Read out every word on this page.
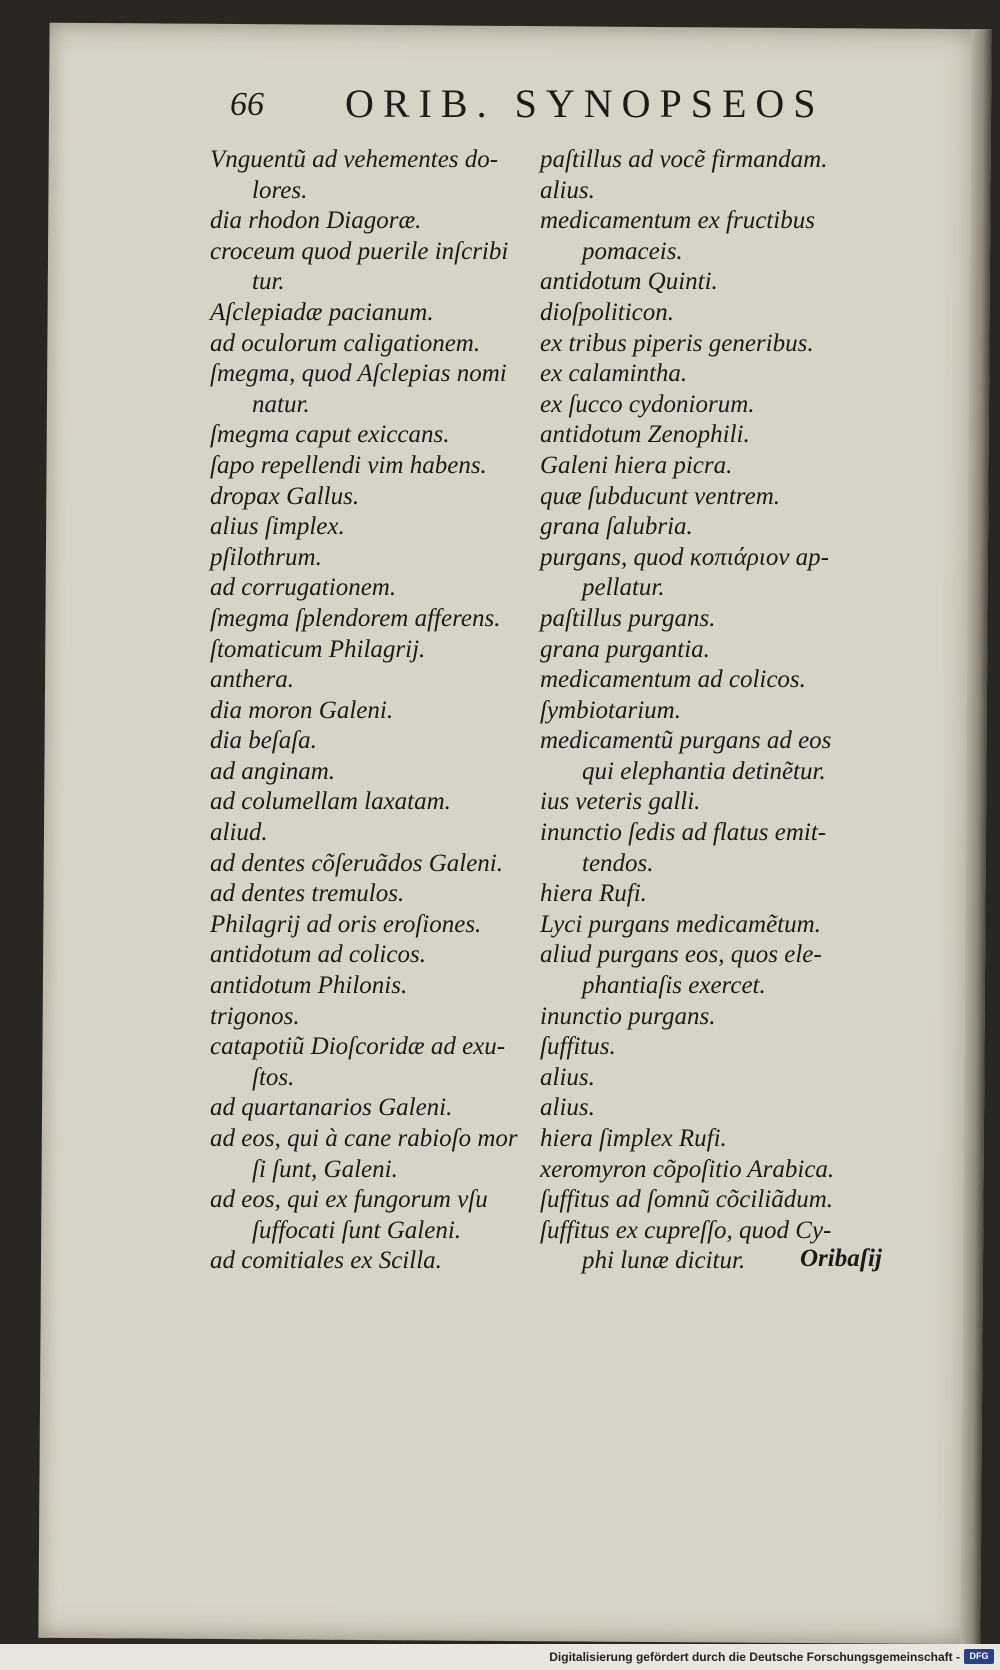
66 ORIB. SYNOPSEOS
Vnguentũ ad vehementes do-
lores.
dia rhodon Diagoræ.
croceum quod puerile inſcribi
tur.
Aſclepiadæ pacianum.
ad oculorum caligationem.
ſmegma, quod Aſclepias nomi
natur.
ſmegma caput exiccans.
ſapo repellendi vim habens.
dropax Gallus.
alius ſimplex.
pſilothrum.
ad corrugationem.
ſmegma ſplendorem afferens.
ſtomaticum Philagrij.
anthera.
dia moron Galeni.
dia beſaſa.
ad anginam.
ad columellam laxatam.
aliud.
ad dentes cõſeruãdos Galeni.
ad dentes tremulos.
Philagrij ad oris eroſiones.
antidotum ad colicos.
antidotum Philonis.
trigonos.
catapotiũ Dioſcoridæ ad exu-
ſtos.
ad quartanarios Galeni.
ad eos, qui à cane rabioſo mor
ſi ſunt, Galeni.
ad eos, qui ex fungorum vſu
ſuffocati ſunt Galeni.
ad comitiales ex Scilla.
paſtillus ad vocẽ firmandam.
alius.
medicamentum ex fructibus
pomaceis.
antidotum Quinti.
dioſpoliticon.
ex tribus piperis generibus.
ex calamintha.
ex ſucco cydoniorum.
antidotum Zenophili.
Galeni hiera picra.
quæ ſubducunt ventrem.
grana ſalubria.
purgans, quod κοπιάριον ap-
pellatur.
paſtillus purgans.
grana purgantia.
medicamentum ad colicos.
ſymbiotarium.
medicamentũ purgans ad eos
qui elephantia detinẽtur.
ius veteris galli.
inunctio ſedis ad flatus emit-
tendos.
hiera Rufi.
Lyci purgans medicamẽtum.
aliud purgans eos, quos ele-
phantiaſis exercet.
inunctio purgans.
ſuffitus.
alius.
alius.
hiera ſimplex Rufi.
xeromyron cõpoſitio Arabica.
ſuffitus ad ſomnũ cõciliãdum.
ſuffitus ex cupreſſo, quod Cy-
phi lunæ dicitur.	Oribaſij
Digitalisierung gefördert durch die Deutsche Forschungsgemeinschaft -	DFG
